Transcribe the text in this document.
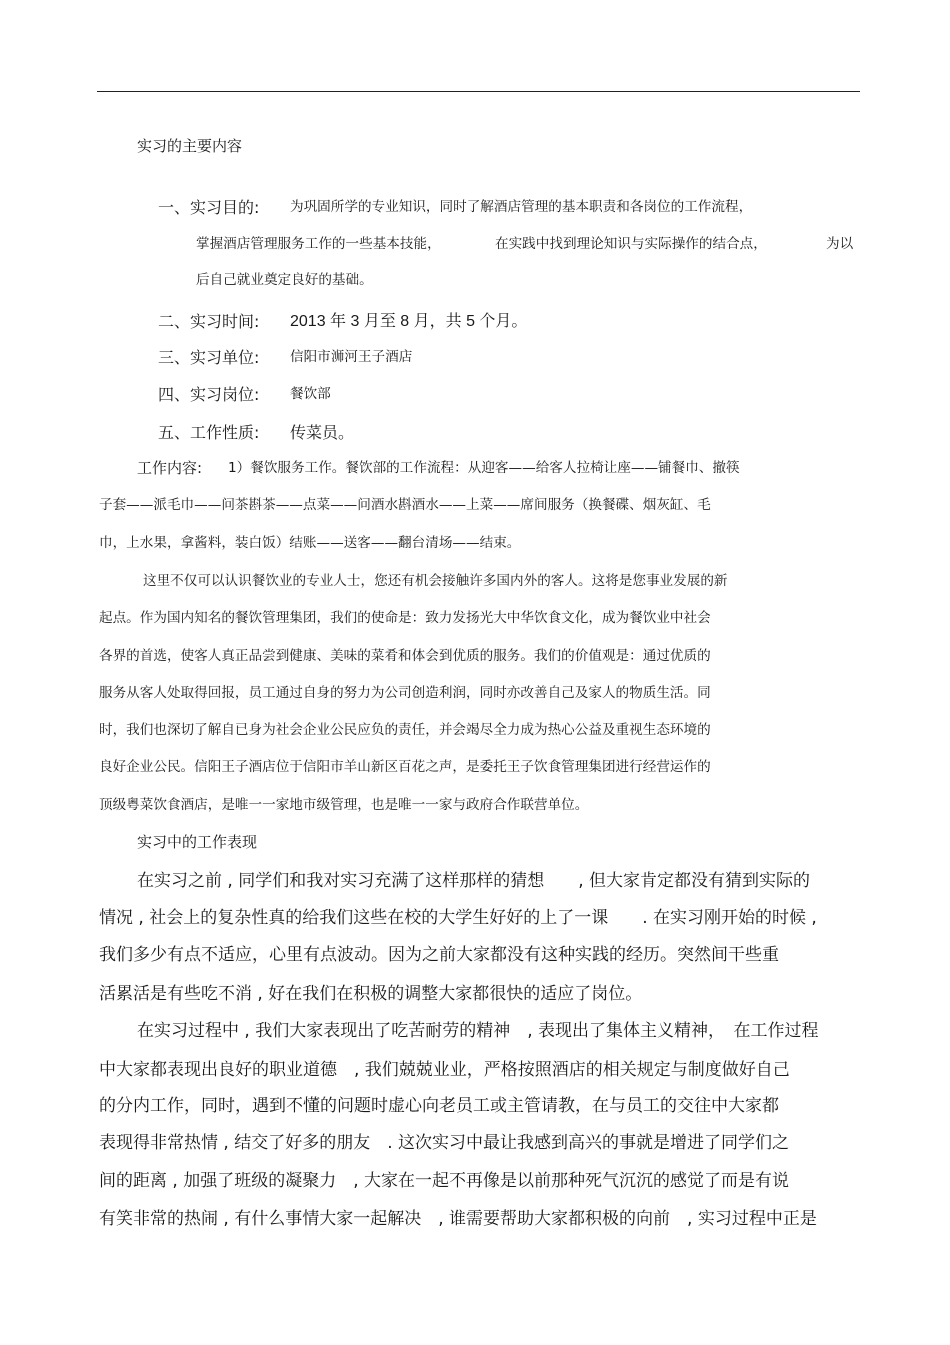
实习的主要内容
一、实习目的: 为巩固所学的专业知识，同时了解酒店管理的基本职责和各岗位的工作流程，
掌握酒店管理服务工作的一些基本技能，	在实践中找到理论知识与实际操作的结合点，	为以
后自己就业奠定良好的基础。
二、实习时间: 2013 年 3 月至 8 月，共 5 个月。
三、实习单位: 信阳市浉河王子酒店
四、实习岗位: 餐饮部
五、工作性质: 传菜员。
工作内容: 1）餐饮服务工作。餐饮部的工作流程：从迎客——给客人拉椅让座——铺餐巾、撤筷
子套——派毛巾——问茶斟茶——点菜——问酒水斟酒水——上菜——席间服务（换餐碟、烟灰缸、毛
巾，上水果，拿酱料，装白饭）结账——送客——翻台清场——结束。
这里不仅可以认识餐饮业的专业人士，您还有机会接触许多国内外的客人。这将是您事业发展的新
起点。作为国内知名的餐饮管理集团，我们的使命是：致力发扬光大中华饮食文化，成为餐饮业中社会
各界的首选，使客人真正品尝到健康、美味的菜肴和体会到优质的服务。我们的价值观是：通过优质的
服务从客人处取得回报，员工通过自身的努力为公司创造利润，同时亦改善自己及家人的物质生活。同
时，我们也深切了解自已身为社会企业公民应负的责任，并会竭尽全力成为热心公益及重视生态环境的
良好企业公民。信阳王子酒店位于信阳市羊山新区百花之声，是委托王子饮食管理集团进行经营运作的
顶级粤菜饮食酒店，是唯一一家地市级管理，也是唯一一家与政府合作联营单位。
实习中的工作表现
在实习之前 , 同学们和我对实习充满了这样那样的猜想　　, 但大家肯定都没有猜到实际的
情况 , 社会上的复杂性真的给我们这些在校的大学生好好的上了一课　　. 在实习刚开始的时候 ,
我们多少有点不适应，心里有点波动。因为之前大家都没有这种实践的经历。突然间干些重
活累活是有些吃不消 , 好在我们在积极的调整大家都很快的适应了岗位。
在实习过程中 , 我们大家表现出了吃苦耐劳的精神　, 表现出了集体主义精神，　在工作过程
中大家都表现出良好的职业道德　, 我们兢兢业业，严格按照酒店的相关规定与制度做好自己
的分内工作，同时，遇到不懂的问题时虚心向老员工或主管请教，在与员工的交往中大家都
表现得非常热情 , 结交了好多的朋友　. 这次实习中最让我感到高兴的事就是增进了同学们之
间的距离 , 加强了班级的凝聚力　, 大家在一起不再像是以前那种死气沉沉的感觉了而是有说
有笑非常的热闹 , 有什么事情大家一起解决　, 谁需要帮助大家都积极的向前　, 实习过程中正是
